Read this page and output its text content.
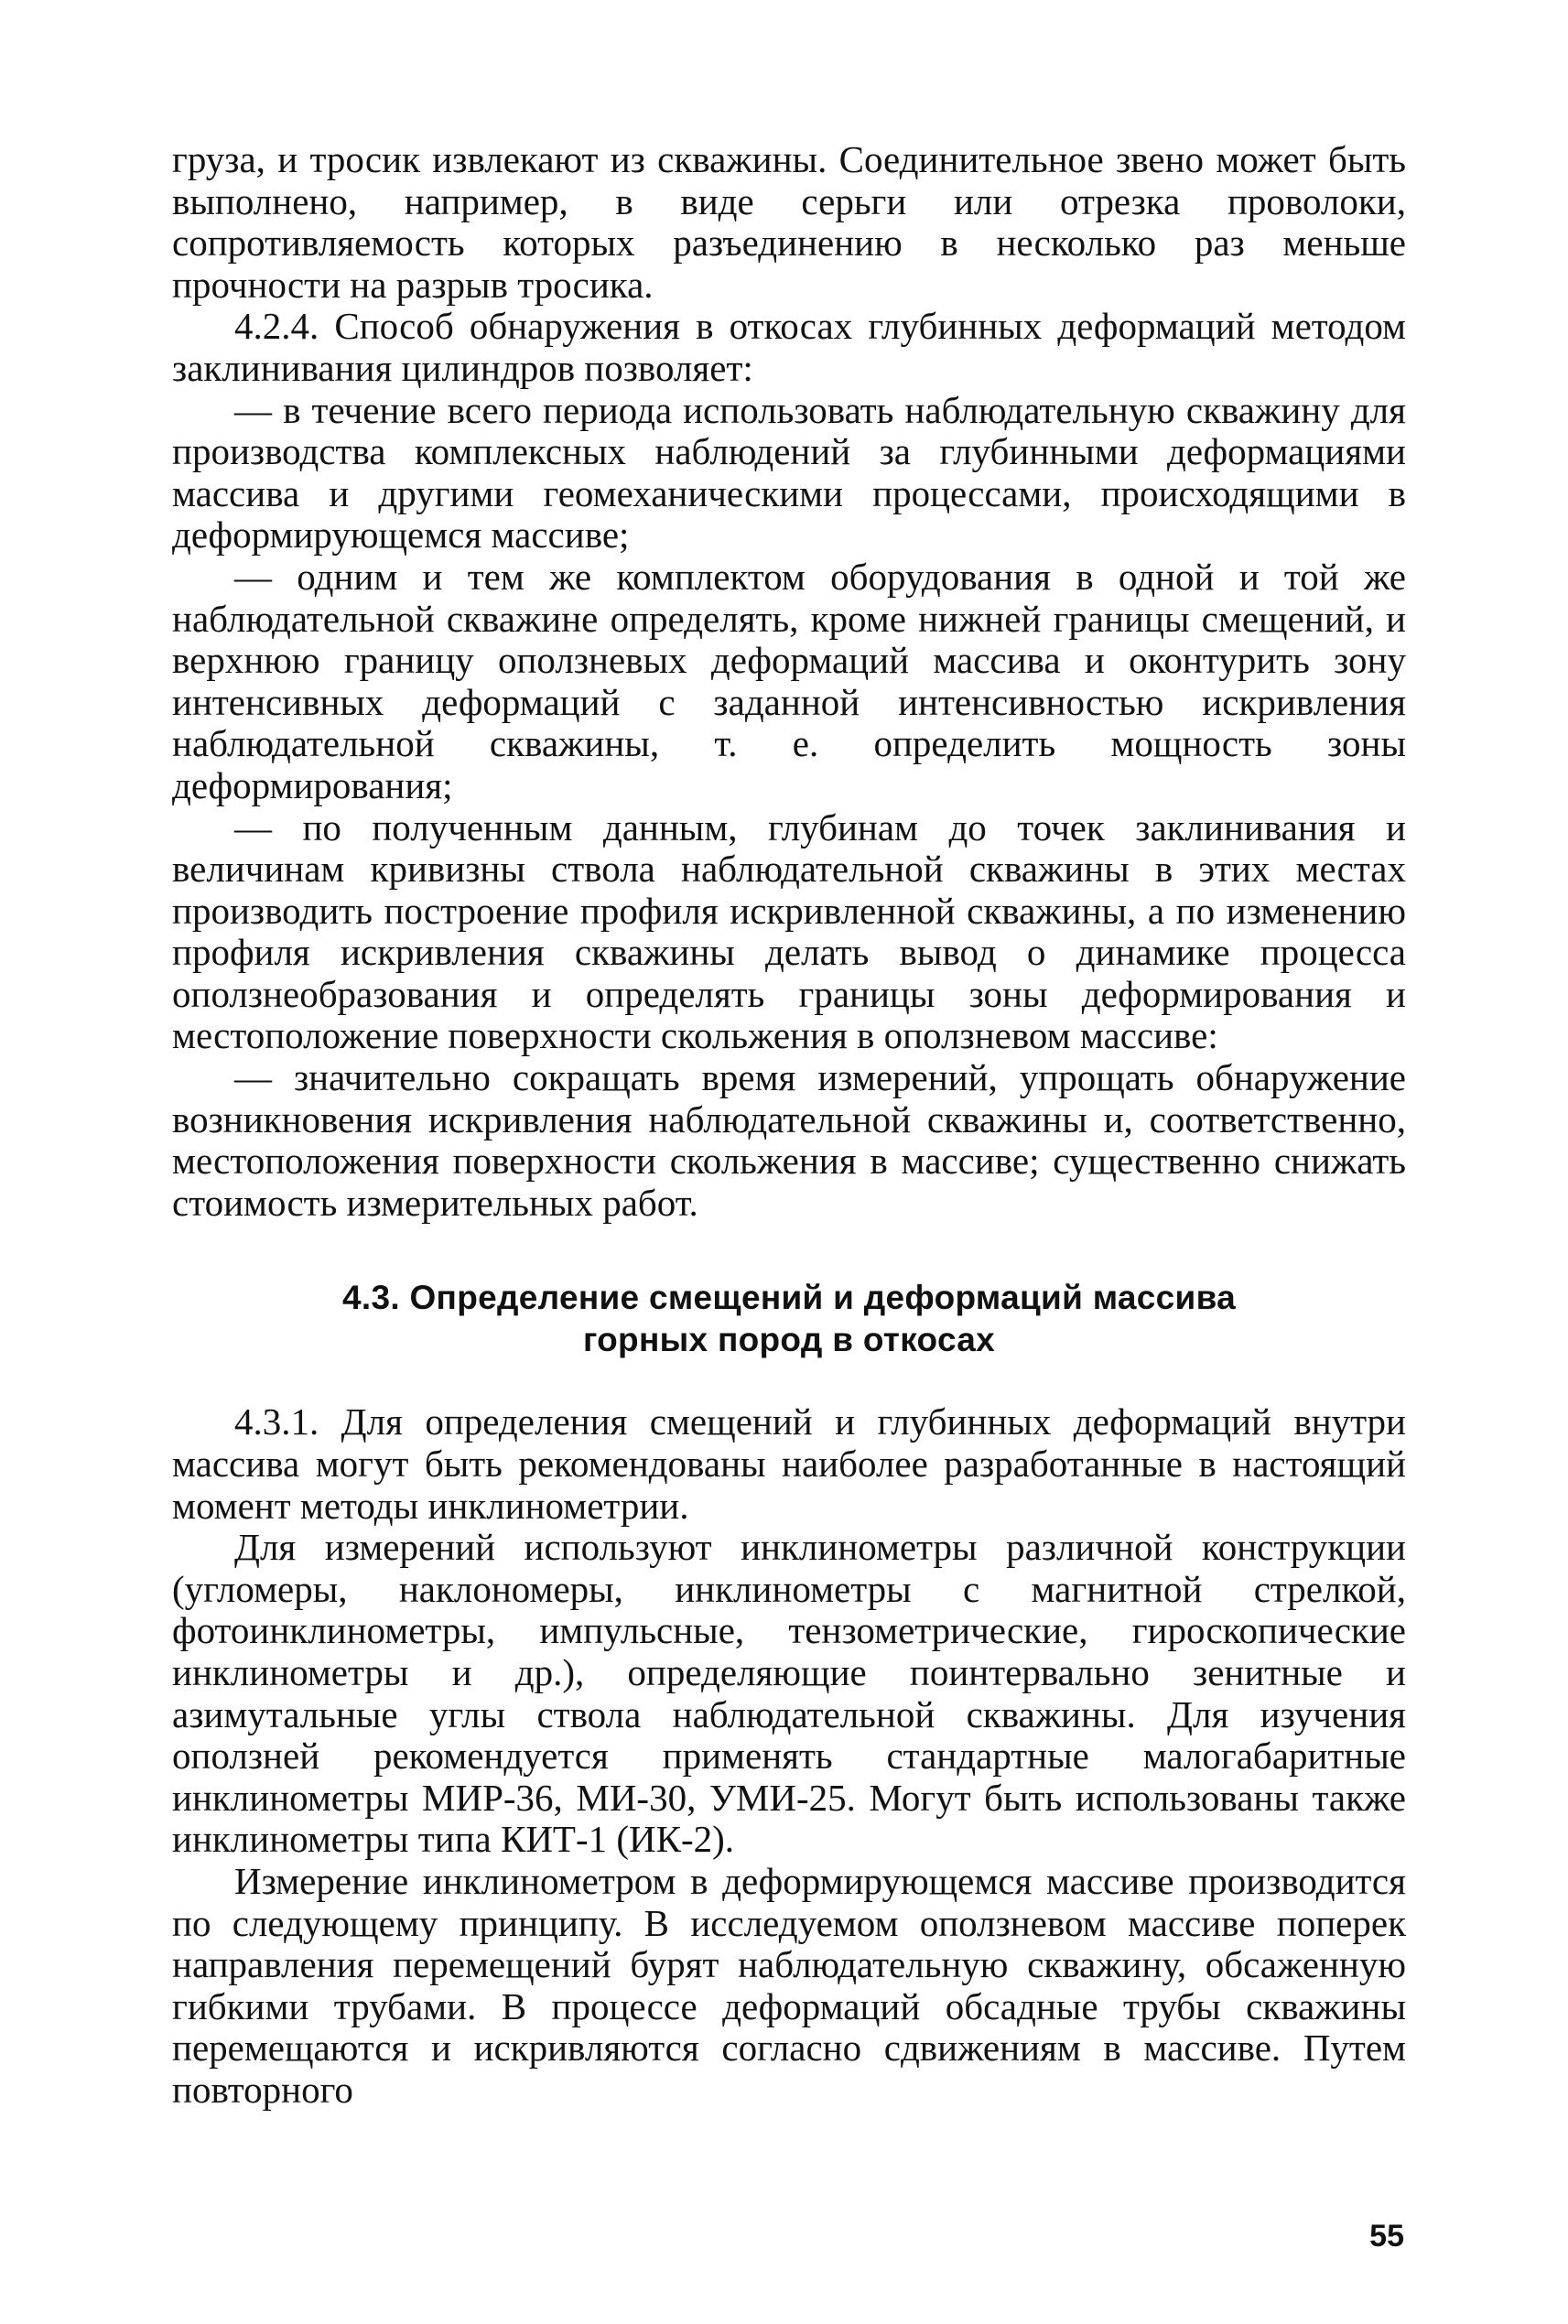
груза, и тросик извлекают из скважины. Соединительное звено может быть выполнено, например, в виде серьги или отрезка проволоки, сопротивляемость которых разъединению в несколько раз меньше прочности на разрыв тросика.

4.2.4. Способ обнаружения в откосах глубинных деформаций методом заклинивания цилиндров позволяет:

— в течение всего периода использовать наблюдательную скважину для производства комплексных наблюдений за глубинными деформациями массива и другими геомеханическими процессами, происходящими в деформирующемся массиве;

— одним и тем же комплектом оборудования в одной и той же наблюдательной скважине определять, кроме нижней границы смещений, и верхнюю границу оползневых деформаций массива и оконтурить зону интенсивных деформаций с заданной интенсивностью искривления наблюдательной скважины, т. е. определить мощность зоны деформирования;

— по полученным данным, глубинам до точек заклинивания и величинам кривизны ствола наблюдательной скважины в этих местах производить построение профиля искривленной скважины, а по изменению профиля искривления скважины делать вывод о динамике процесса оползнеобразования и определять границы зоны деформирования и местоположение поверхности скольжения в оползневом массиве:

— значительно сокращать время измерений, упрощать обнаружение возникновения искривления наблюдательной скважины и, соответственно, местоположения поверхности скольжения в массиве; существенно снижать стоимость измерительных работ.

4.3. Определение смещений и деформаций массива
горных пород в откосах

4.3.1. Для определения смещений и глубинных деформаций внутри массива могут быть рекомендованы наиболее разработанные в настоящий момент методы инклинометрии.

Для измерений используют инклинометры различной конструкции (угломеры, наклономеры, инклинометры с магнитной стрелкой, фотоинклинометры, импульсные, тензометрические, гироскопические инклинометры и др.), определяющие поинтервально зенитные и азимутальные углы ствола наблюдательной скважины. Для изучения оползней рекомендуется применять стандартные малогабаритные инклинометры МИР-36, МИ-30, УМИ-25. Могут быть использованы также инклинометры типа КИТ-1 (ИК-2).

Измерение инклинометром в деформирующемся массиве производится по следующему принципу. В исследуемом оползневом массиве поперек направления перемещений бурят наблюдательную скважину, обсаженную гибкими трубами. В процессе деформаций обсадные трубы скважины перемещаются и искривляются согласно сдвижениям в массиве. Путем повторного

55
